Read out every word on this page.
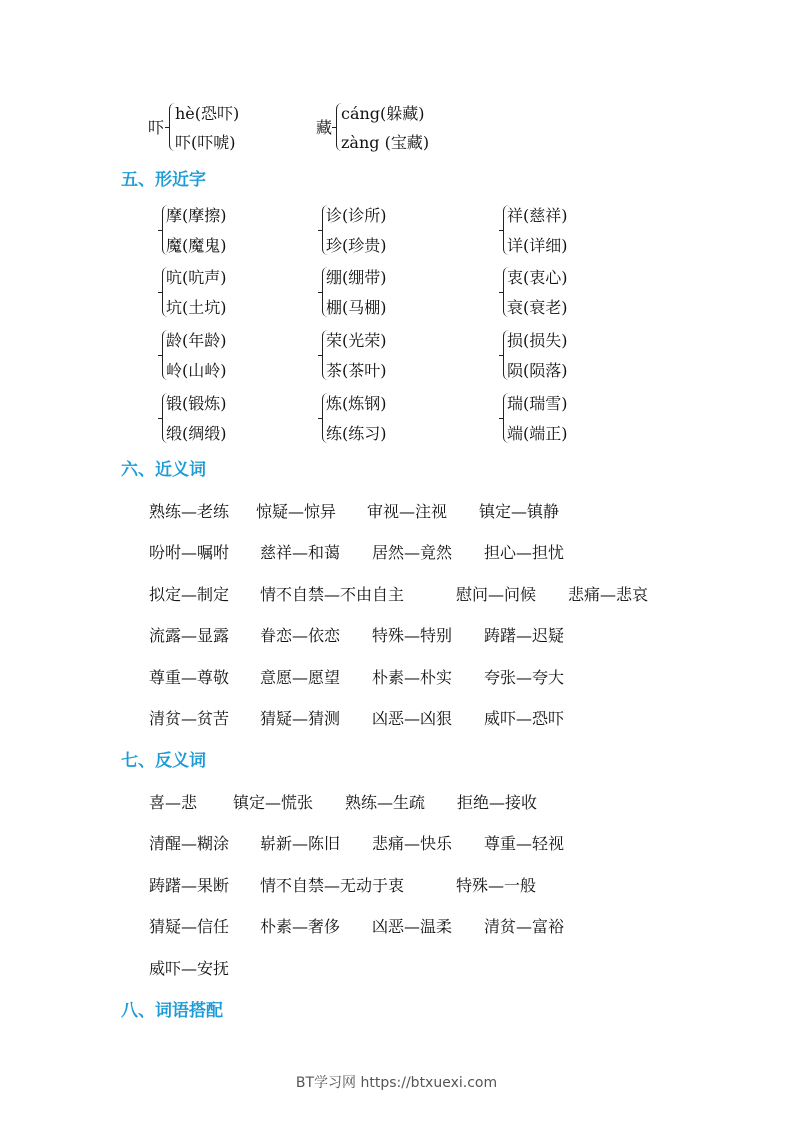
吓
hè(恐吓)
吓(吓唬)
藏
cáng(躲藏)
zàng (宝藏)
五、形近字
摩(摩擦)
魔(魔鬼)
诊(诊所)
珍(珍贵)
祥(慈祥)
详(详细)
吭(吭声)
坑(土坑)
绷(绷带)
棚(马棚)
衷(衷心)
衰(衰老)
龄(年龄)
岭(山岭)
荣(光荣)
茶(茶叶)
损(损失)
陨(陨落)
锻(锻炼)
缎(绸缎)
炼(炼钢)
练(练习)
瑞(瑞雪)
端(端正)
六、近义词
熟练—老练 惊疑—惊异 审视—注视 镇定—镇静
吩咐—嘱咐 慈祥—和蔼 居然—竟然 担心—担忧
拟定—制定 情不自禁—不由自主	慰问—问候 悲痛—悲哀
流露—显露 眷恋—依恋 特殊—特别 踌躇—迟疑
尊重—尊敬 意愿—愿望 朴素—朴实 夸张—夸大
清贫—贫苦 猜疑—猜测 凶恶—凶狠 威吓—恐吓
七、反义词
喜—悲 镇定—慌张 熟练—生疏 拒绝—接收
清醒—糊涂 崭新—陈旧 悲痛—快乐 尊重—轻视
踌躇—果断 情不自禁—无动于衷	特殊—一般
猜疑—信任 朴素—奢侈 凶恶—温柔 清贫—富裕
威吓—安抚
八、词语搭配
BT学习网 https://btxuexi.com
